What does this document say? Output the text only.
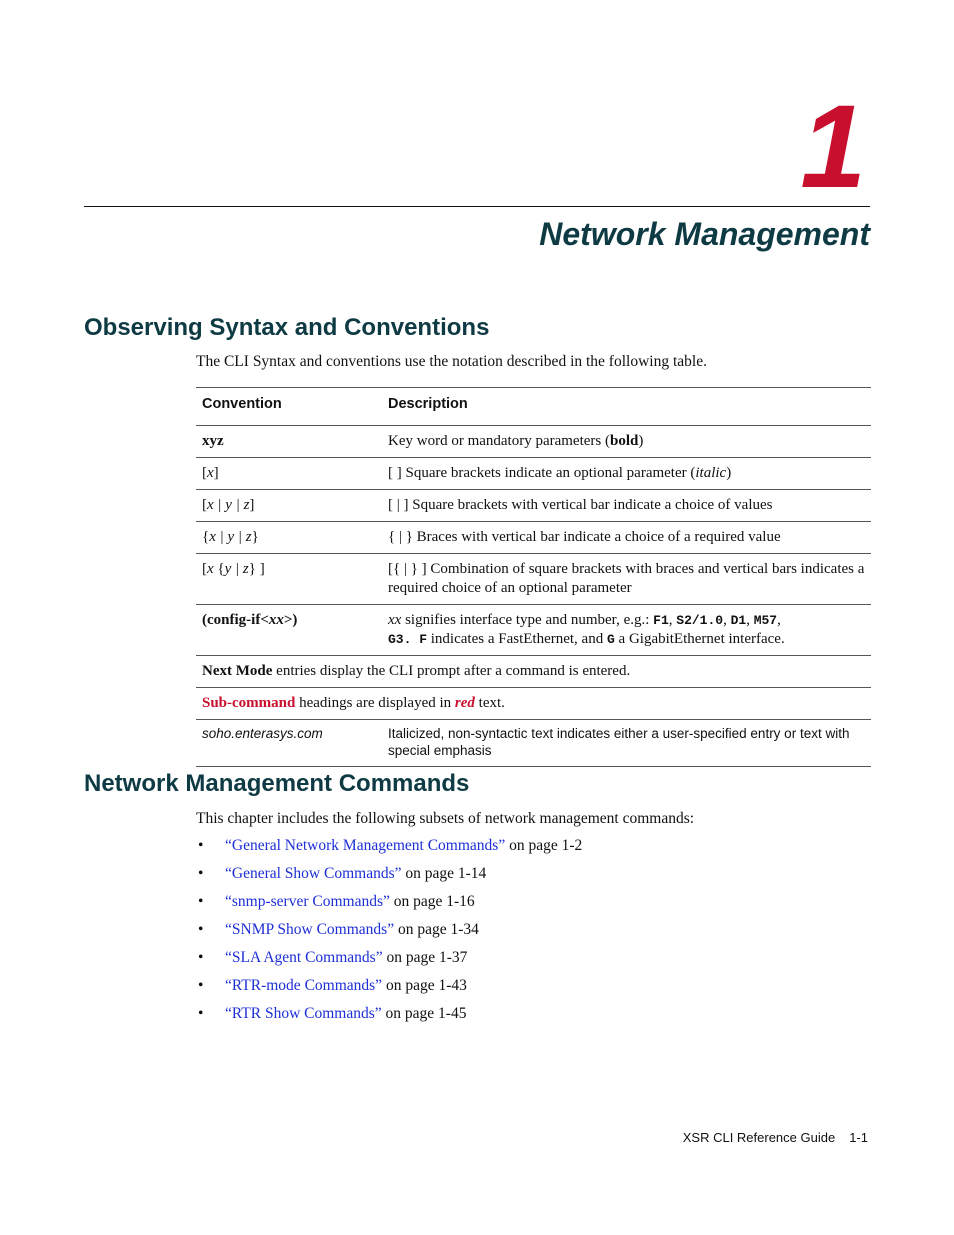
1
Network Management
Observing Syntax and Conventions

The CLI Syntax and conventions use the notation described in the following table.

Convention	Description
xyz	Key word or mandatory parameters (bold)
[x]	[ ] Square brackets indicate an optional parameter (italic)
[x | y | z]	[ | ] Square brackets with vertical bar indicate a choice of values
{x | y | z}	{ | } Braces with vertical bar indicate a choice of a required value
[x {y | z} ]	[{ | } ] Combination of square brackets with braces and vertical bars indicates a required choice of an optional parameter
(config-if<xx>)	xx signifies interface type and number, e.g.: F1, S2/1.0, D1, M57,
G3. F indicates a FastEthernet, and G a GigabitEthernet interface.
Next Mode entries display the CLI prompt after a command is entered.	
Sub-command headings are displayed in red text.	
soho.enterasys.com	Italicized, non-syntactic text indicates either a user-specified entry or text with special emphasis
Network Management Commands

This chapter includes the following subsets of network management commands:

• “General Network Management Commands” on page 1-2
• “General Show Commands” on page 1-14
• “snmp-server Commands” on page 1-16
• “SNMP Show Commands” on page 1-34
• “SLA Agent Commands” on page 1-37
• “RTR-mode Commands” on page 1-43
• “RTR Show Commands” on page 1-45
XSR CLI Reference Guide 1-1
